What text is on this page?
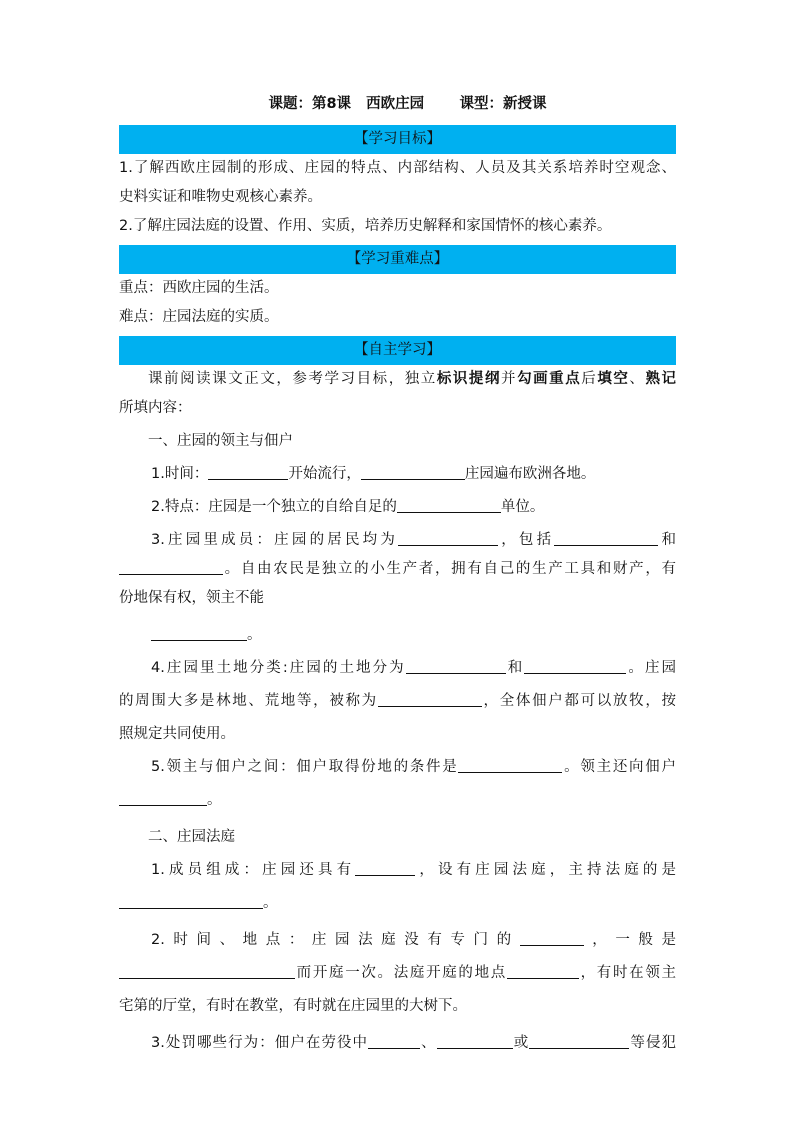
课题：第8课   西欧庄园       课型：新授课
【学习目标】
1.了解西欧庄园制的形成、庄园的特点、内部结构、人员及其关系培养时空观念、
史料实证和唯物史观核心素养。
2.了解庄园法庭的设置、作用、实质，培养历史解释和家国情怀的核心素养。
【学习重难点】
重点：西欧庄园的生活。
难点：庄园法庭的实质。
【自主学习】
课前阅读课文正文，参考学习目标，独立标识提纲并勾画重点后填空、熟记
所填内容：
一、庄园的领主与佃户
1.时间：	开始流行，	庄园遍布欧洲各地。
2.特点：庄园是一个独立的自给自足的	单位。
3.庄园里成员：庄园的居民均为	，包括	和
。自由农民是独立的小生产者，拥有自己的生产工具和财产，有
份地保有权，领主不能
。
4.庄园里土地分类:庄园的土地分为	和	。庄园
的周围大多是林地、荒地等，被称为	，全体佃户都可以放牧，按
照规定共同使用。
5.领主与佃户之间：佃户取得份地的条件是	。领主还向佃户
。
二、庄园法庭
1.成员组成：庄园还具有	，设有庄园法庭，主持法庭的是
。
2.时间、地点：庄园法庭没有专门的	，一般是
而开庭一次。法庭开庭的地点	，有时在领主
宅第的厅堂，有时在教堂，有时就在庄园里的大树下。
3.处罚哪些行为：佃户在劳役中	、	或	等侵犯
